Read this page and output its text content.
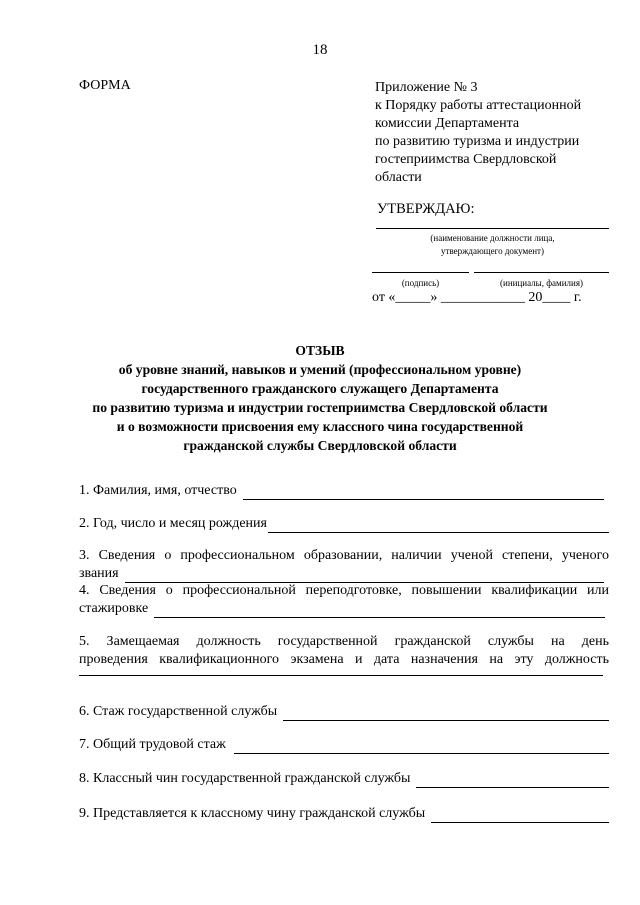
18
ФОРМА	Приложение № 3
к Порядку работы аттестационной
комиссии Департамента
по развитию туризма и индустрии
гостеприимства Свердловской
области
УТВЕРЖДАЮ:
(наименование должности лица,
утверждающего документ)
(подпись)	(инициалы, фамилия)
от «_____» ____________ 20____ г.
ОТЗЫВ
об уровне знаний, навыков и умений (профессиональном уровне)
государственного гражданского служащего Департамента
по развитию туризма и индустрии гостеприимства Свердловской области
и о возможности присвоения ему классного чина государственной
гражданской службы Свердловской области
1. Фамилия, имя, отчество
2. Год, число и месяц рождения
3. Сведения о профессиональном образовании, наличии ученой степени, ученого
звания
4. Сведения о профессиональной переподготовке, повышении квалификации или
стажировке
5. Замещаемая должность государственной гражданской службы на день
проведения квалификационного экзамена и дата назначения на эту должность
6. Стаж государственной службы
7. Общий трудовой стаж
8. Классный чин государственной гражданской службы
9. Представляется к классному чину гражданской службы
